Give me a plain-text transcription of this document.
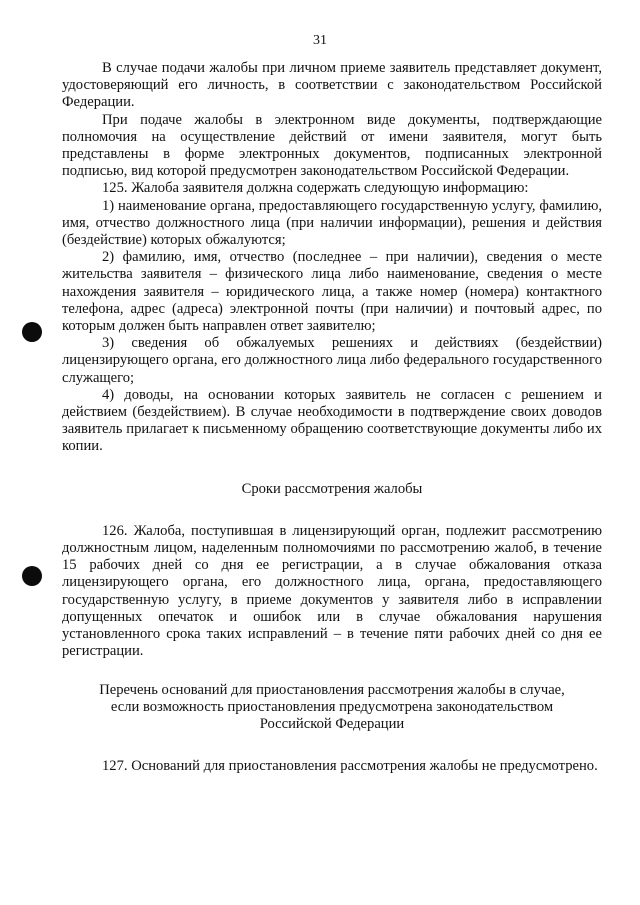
31

В случае подачи жалобы при личном приеме заявитель представляет документ, удостоверяющий его личность, в соответствии с законодательством Российской Федерации.

При подаче жалобы в электронном виде документы, подтверждающие полномочия на осуществление действий от имени заявителя, могут быть представлены в форме электронных документов, подписанных электронной подписью, вид которой предусмотрен законодательством Российской Федерации.

125. Жалоба заявителя должна содержать следующую информацию:

1) наименование органа, предоставляющего государственную услугу, фамилию, имя, отчество должностного лица (при наличии информации), решения и действия (бездействие) которых обжалуются;

2) фамилию, имя, отчество (последнее – при наличии), сведения о месте жительства заявителя – физического лица либо наименование, сведения о месте нахождения заявителя – юридического лица, а также номер (номера) контактного телефона, адрес (адреса) электронной почты (при наличии) и почтовый адрес, по которым должен быть направлен ответ заявителю;

3) сведения об обжалуемых решениях и действиях (бездействии) лицензирующего органа, его должностного лица либо федерального государственного служащего;

4) доводы, на основании которых заявитель не согласен с решением и действием (бездействием). В случае необходимости в подтверждение своих доводов заявитель прилагает к письменному обращению соответствующие документы либо их копии.

Сроки рассмотрения жалобы

126. Жалоба, поступившая в лицензирующий орган, подлежит рассмотрению должностным лицом, наделенным полномочиями по рассмотрению жалоб, в течение 15 рабочих дней со дня ее регистрации, а в случае обжалования отказа лицензирующего органа, его должностного лица, органа, предоставляющего государственную услугу, в приеме документов у заявителя либо в исправлении допущенных опечаток и ошибок или в случае обжалования нарушения установленного срока таких исправлений – в течение пяти рабочих дней со дня ее регистрации.

Перечень оснований для приостановления рассмотрения жалобы в случае,
если возможность приостановления предусмотрена законодательством
Российской Федерации

127. Оснований для приостановления рассмотрения жалобы не предусмотрено.
